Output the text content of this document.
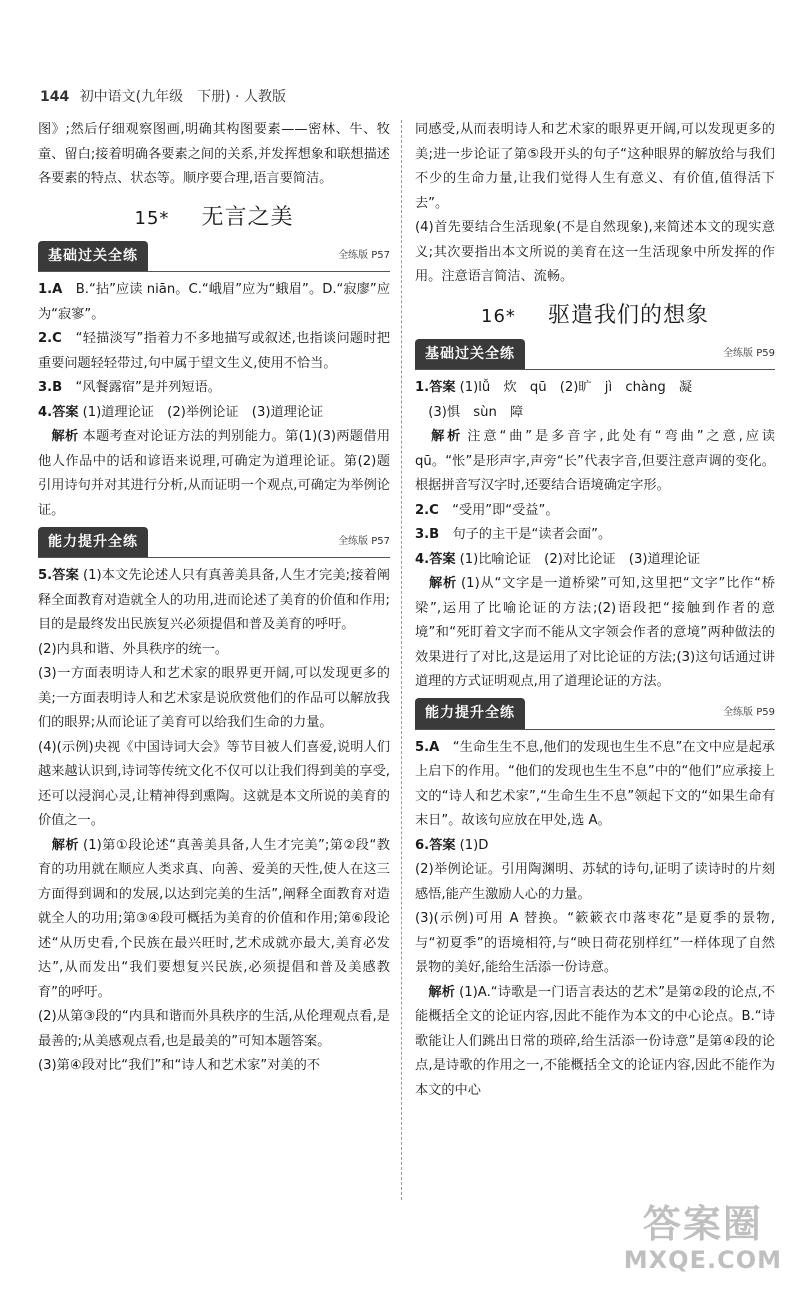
144 初中语文(九年级　下册) · 人教版

图》;然后仔细观察图画,明确其构图要素——密林、牛、牧童、留白;接着明确各要素之间的关系,并发挥想象和联想描述各要素的特点、状态等。顺序要合理,语言要简洁。

15* 无言之美
基础过关全练	全练版 P57

1.A　 B.“拈”应读 niān。C.“峨眉”应为“蛾眉”。D.“寂廖”应为“寂寥”。

2.C　 “轻描淡写”指着力不多地描写或叙述,也指谈问题时把重要问题轻轻带过,句中属于望文生义,使用不恰当。

3.B　 “风餐露宿”是并列短语。

4.答案 (1)道理论证　(2)举例论证　(3)道理论证

　解析 本题考查对论证方法的判别能力。第(1)(3)两题借用他人作品中的话和谚语来说理,可确定为道理论证。第(2)题引用诗句并对其进行分析,从而证明一个观点,可确定为举例论证。

能力提升全练	全练版 P57

5.答案 (1)本文先论述人只有真善美具备,人生才完美;接着阐释全面教育对造就全人的功用,进而论述了美育的价值和作用;目的是最终发出民族复兴必须提倡和普及美育的呼吁。

(2)内具和谐、外具秩序的统一。

(3)一方面表明诗人和艺术家的眼界更开阔,可以发现更多的美;一方面表明诗人和艺术家是说欣赏他们的作品可以解放我们的眼界;从而论证了美育可以给我们生命的力量。

(4)(示例)央视《中国诗词大会》等节目被人们喜爱,说明人们越来越认识到,诗词等传统文化不仅可以让我们得到美的享受,还可以浸润心灵,让精神得到熏陶。这就是本文所说的美育的价值之一。

　解析 (1)第①段论述“真善美具备,人生才完美”;第②段“教育的功用就在顺应人类求真、向善、爱美的天性,使人在这三方面得到调和的发展,以达到完美的生活”,阐释全面教育对造就全人的功用;第③④段可概括为美育的价值和作用;第⑥段论述“从历史看,个民族在最兴旺时,艺术成就亦最大,美育必发达”,从而发出“我们要想复兴民族,必须提倡和普及美感教育”的呼吁。

(2)从第③段的“内具和谐而外具秩序的生活,从伦理观点看,是最善的;从美感观点看,也是最美的”可知本题答案。

(3)第④段对比“我们”和“诗人和艺术家”对美的不

同感受,从而表明诗人和艺术家的眼界更开阔,可以发现更多的美;进一步论证了第⑤段开头的句子“这种眼界的解放给与我们不少的生命力量,让我们觉得人生有意义、有价值,值得活下去”。

(4)首先要结合生活现象(不是自然现象),来简述本文的现实意义;其次要指出本文所说的美育在这一生活现象中所发挥的作用。注意语言简洁、流畅。

16* 驱遣我们的想象
基础过关全练	全练版 P59

1.答案 (1)lǚ　炊　qū　(2)旷　jì　chàng　凝

　(3)惧　sùn　障

　解析 注意“曲”是多音字,此处有“弯曲”之意,应读qū。“怅”是形声字,声旁“长”代表字音,但要注意声调的变化。根据拼音写汉字时,还要结合语境确定字形。

2.C　 “受用”即“受益”。

3.B　 句子的主干是“读者会面”。

4.答案 (1)比喻论证　(2)对比论证　(3)道理论证

　解析 (1)从“文字是一道桥梁”可知,这里把“文字”比作“桥梁”,运用了比喻论证的方法;(2)语段把“接触到作者的意境”和“死盯着文字而不能从文字领会作者的意境”两种做法的效果进行了对比,这是运用了对比论证的方法;(3)这句话通过讲道理的方式证明观点,用了道理论证的方法。

能力提升全练	全练版 P59

5.A　 “生命生生不息,他们的发现也生生不息”在文中应是起承上启下的作用。“他们的发现也生生不息”中的“他们”应承接上文的“诗人和艺术家”,“生命生生不息”领起下文的“如果生命有末日”。故该句应放在甲处,选 A。

6.答案 (1)D

(2)举例论证。引用陶渊明、苏轼的诗句,证明了读诗时的片刻感悟,能产生激励人心的力量。

(3)(示例)可用 A 替换。“簌簌衣巾落枣花”是夏季的景物,与“初夏季”的语境相符,与“映日荷花别样红”一样体现了自然景物的美好,能给生活添一份诗意。

　解析 (1)A.“诗歌是一门语言表达的艺术”是第②段的论点,不能概括全文的论证内容,因此不能作为本文的中心论点。B.“诗歌能让人们跳出日常的琐碎,给生活添一份诗意”是第④段的论点,是诗歌的作用之一,不能概括全文的论证内容,因此不能作为本文的中心

答案圈
MXQE.COM
